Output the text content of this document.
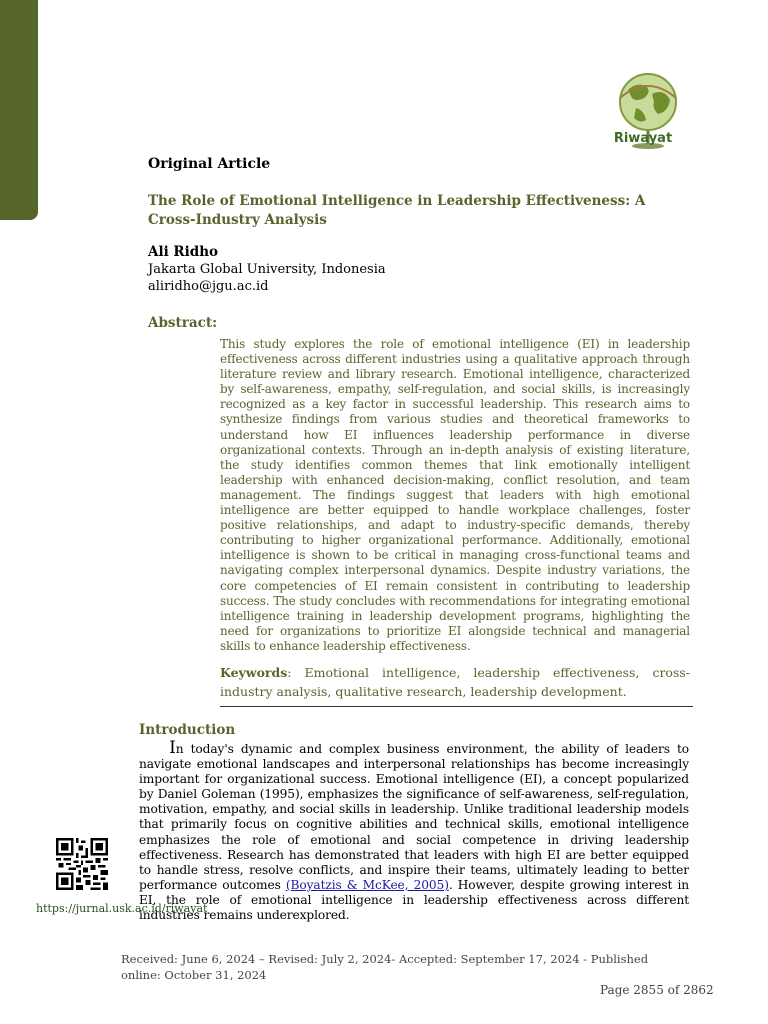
Riwayat
Original Article
The Role of Emotional Intelligence in Leadership Effectiveness: A Cross-Industry Analysis
Ali Ridho
Jakarta Global University, Indonesia
aliridho@jgu.ac.id
Abstract:

This study explores the role of emotional intelligence (EI) in leadership effectiveness across different industries using a qualitative approach through literature review and library research. Emotional intelligence, characterized by self-awareness, empathy, self-regulation, and social skills, is increasingly recognized as a key factor in successful leadership. This research aims to synthesize findings from various studies and theoretical frameworks to understand how EI influences leadership performance in diverse organizational contexts. Through an in-depth analysis of existing literature, the study identifies common themes that link emotionally intelligent leadership with enhanced decision-making, conflict resolution, and team management. The findings suggest that leaders with high emotional intelligence are better equipped to handle workplace challenges, foster positive relationships, and adapt to industry-specific demands, thereby contributing to higher organizational performance. Additionally, emotional intelligence is shown to be critical in managing cross-functional teams and navigating complex interpersonal dynamics. Despite industry variations, the core competencies of EI remain consistent in contributing to leadership success. The study concludes with recommendations for integrating emotional intelligence training in leadership development programs, highlighting the need for organizations to prioritize EI alongside technical and managerial skills to enhance leadership effectiveness.

Keywords: Emotional intelligence, leadership effectiveness, cross-industry analysis, qualitative research, leadership development.

Introduction

   In today's dynamic and complex business environment, the ability of leaders to navigate emotional landscapes and interpersonal relationships has become increasingly important for organizational success. Emotional intelligence (EI), a concept popularized by Daniel Goleman (1995), emphasizes the significance of self-awareness, self-regulation, motivation, empathy, and social skills in leadership. Unlike traditional leadership models that primarily focus on cognitive abilities and technical skills, emotional intelligence emphasizes the role of emotional and social competence in driving leadership effectiveness. Research has demonstrated that leaders with high EI are better equipped to handle stress, resolve conflicts, and inspire their teams, ultimately leading to better performance outcomes (Boyatzis & McKee, 2005). However, despite growing interest in EI, the role of emotional intelligence in leadership effectiveness across different industries remains underexplored.

https://jurnal.usk.ac.id/riwayat
Received: June 6, 2024 – Revised: July 2, 2024- Accepted: September 17, 2024 - Published online: October 31, 2024
Page 2855 of 2862
